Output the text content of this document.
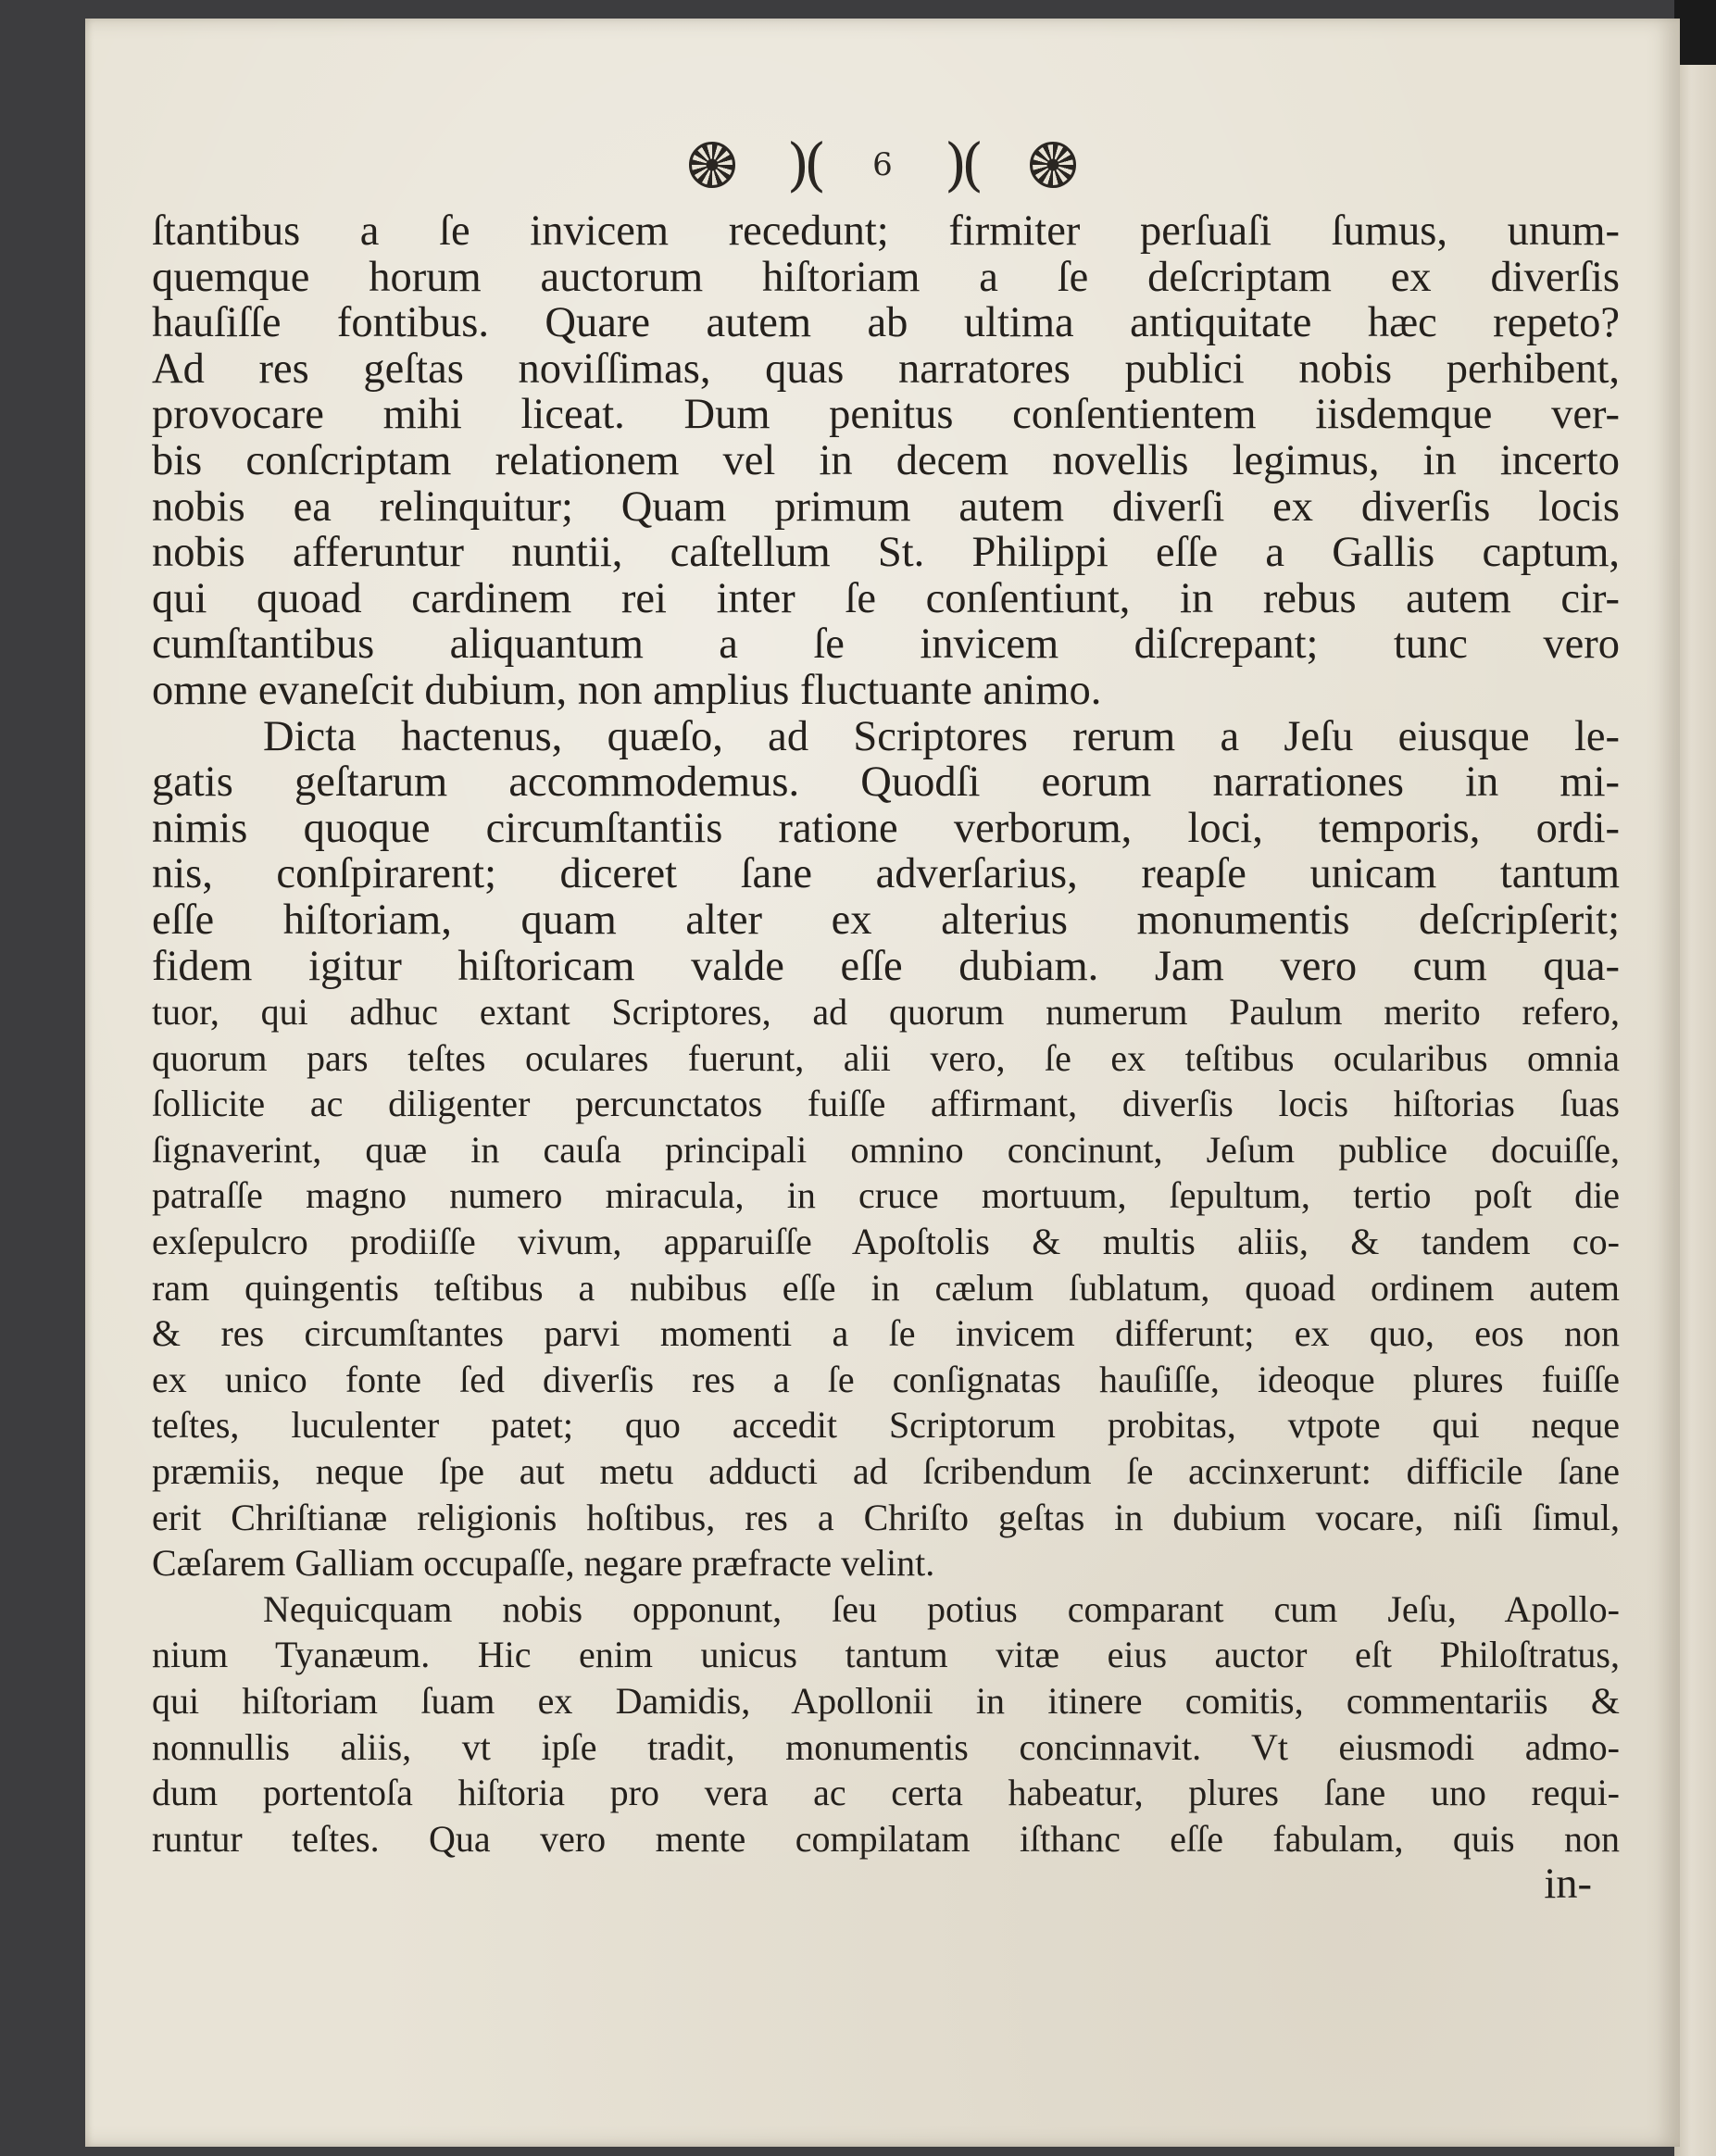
)( 6 )(
ſtantibus a ſe invicem recedunt; firmiter perſuaſi ſumus, unum-
quemque horum auctorum hiſtoriam a ſe deſcriptam ex diverſis
hauſiſſe fontibus. Quare autem ab ultima antiquitate hæc repeto?
Ad res geſtas noviſſimas, quas narratores publici nobis perhibent,
provocare mihi liceat. Dum penitus conſentientem iisdemque ver-
bis conſcriptam relationem vel in decem novellis legimus, in incerto
nobis ea relinquitur; Quam primum autem diverſi ex diverſis locis
nobis afferuntur nuntii, caſtellum St. Philippi eſſe a Gallis captum,
qui quoad cardinem rei inter ſe conſentiunt, in rebus autem cir-
cumſtantibus aliquantum a ſe invicem diſcrepant; tunc vero
omne evaneſcit dubium, non amplius fluctuante animo.
Dicta hactenus, quæſo, ad Scriptores rerum a Jeſu eiusque le-
gatis geſtarum accommodemus. Quodſi eorum narrationes in mi-
nimis quoque circumſtantiis ratione verborum, loci, temporis, ordi-
nis, conſpirarent; diceret ſane adverſarius, reapſe unicam tantum
eſſe hiſtoriam, quam alter ex alterius monumentis deſcripſerit;
fidem igitur hiſtoricam valde eſſe dubiam. Jam vero cum qua-
tuor, qui adhuc extant Scriptores, ad quorum numerum Paulum merito refero,
quorum pars teſtes oculares fuerunt, alii vero, ſe ex teſtibus ocularibus omnia
ſollicite ac diligenter percunctatos fuiſſe affirmant, diverſis locis hiſtorias ſuas
ſignaverint, quæ in cauſa principali omnino concinunt, Jeſum publice docuiſſe,
patraſſe magno numero miracula, in cruce mortuum, ſepultum, tertio poſt die
exſepulcro prodiiſſe vivum, apparuiſſe Apoſtolis & multis aliis, & tandem co-
ram quingentis teſtibus a nubibus eſſe in cælum ſublatum, quoad ordinem autem
& res circumſtantes parvi momenti a ſe invicem differunt; ex quo, eos non
ex unico fonte ſed diverſis res a ſe conſignatas hauſiſſe, ideoque plures fuiſſe
teſtes, luculenter patet; quo accedit Scriptorum probitas, vtpote qui neque
præmiis, neque ſpe aut metu adducti ad ſcribendum ſe accinxerunt: difficile ſane
erit Chriſtianæ religionis hoſtibus, res a Chriſto geſtas in dubium vocare, niſi ſimul,
Cæſarem Galliam occupaſſe, negare præfracte velint.
Nequicquam nobis opponunt, ſeu potius comparant cum Jeſu, Apollo-
nium Tyanæum. Hic enim unicus tantum vitæ eius auctor eſt Philoſtratus,
qui hiſtoriam ſuam ex Damidis, Apollonii in itinere comitis, commentariis &
nonnullis aliis, vt ipſe tradit, monumentis concinnavit. Vt eiusmodi admo-
dum portentoſa hiſtoria pro vera ac certa habeatur, plures ſane uno requi-
runtur teſtes. Qua vero mente compilatam iſthanc eſſe fabulam, quis non
in-
